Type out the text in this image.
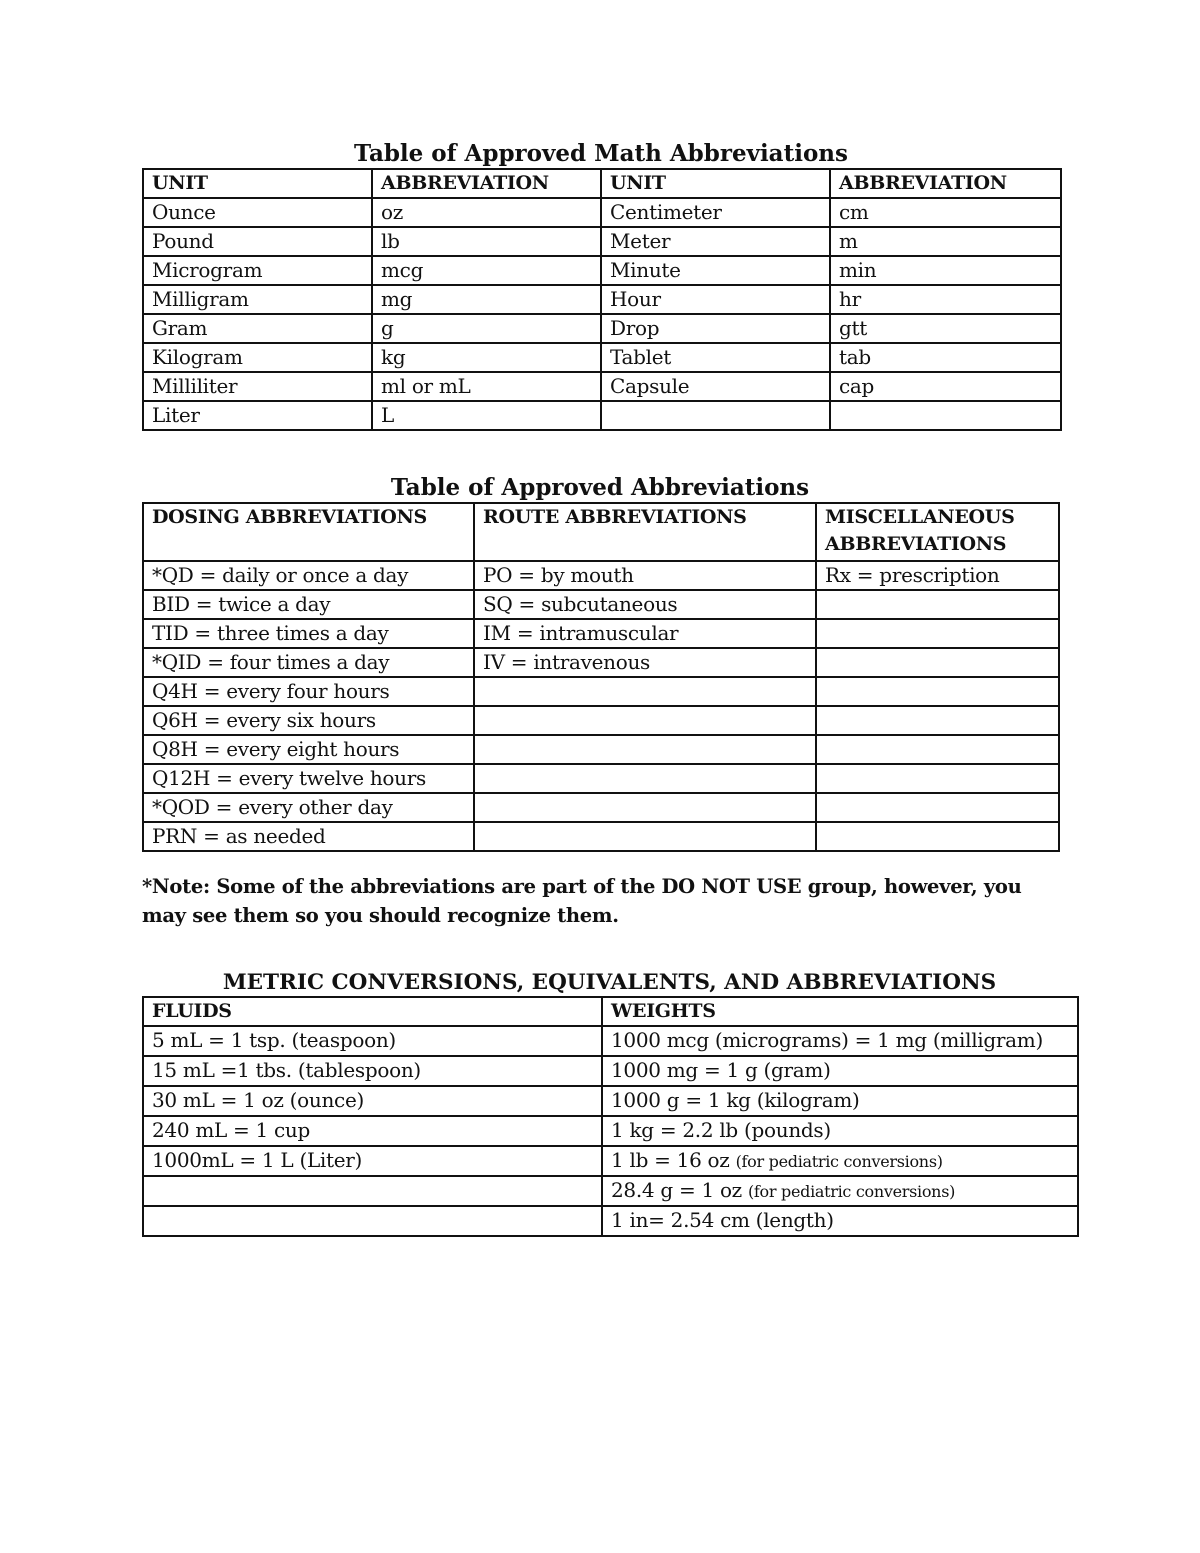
Table of Approved Math Abbreviations
UNIT	ABBREVIATION	UNIT	ABBREVIATION
Ounce	oz	Centimeter	cm
Pound	lb	Meter	m
Microgram	mcg	Minute	min
Milligram	mg	Hour	hr
Gram	g	Drop	gtt
Kilogram	kg	Tablet	tab
Milliliter	ml or mL	Capsule	cap
Liter	L		
Table of Approved Abbreviations
DOSING ABBREVIATIONS	ROUTE ABBREVIATIONS	MISCELLANEOUS ABBREVIATIONS
*QD = daily or once a day	PO = by mouth	Rx = prescription
BID = twice a day	SQ = subcutaneous	
TID = three times a day	IM = intramuscular	
*QID = four times a day	IV = intravenous	
Q4H = every four hours		
Q6H = every six hours		
Q8H = every eight hours		
Q12H = every twelve hours		
*QOD = every other day		
PRN = as needed		

*Note: Some of the abbreviations are part of the DO NOT USE group, however, you may see them so you should recognize them.

METRIC CONVERSIONS, EQUIVALENTS, AND ABBREVIATIONS
FLUIDS	WEIGHTS
5 mL = 1 tsp. (teaspoon)	1000 mcg (micrograms) = 1 mg (milligram)
15 mL =1 tbs. (tablespoon)	1000 mg = 1 g (gram)
30 mL = 1 oz (ounce)	1000 g = 1 kg (kilogram)
240 mL = 1 cup	1 kg = 2.2 lb (pounds)
1000mL = 1 L (Liter)	1 lb = 16 oz (for pediatric conversions)
	28.4 g = 1 oz (for pediatric conversions)
	1 in= 2.54 cm (length)
